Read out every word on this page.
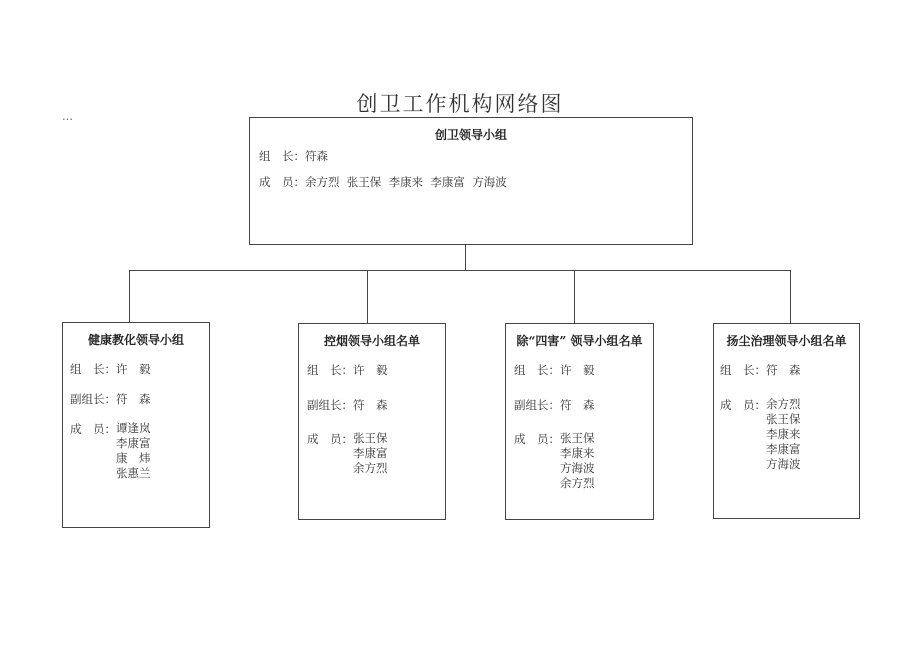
创卫工作机构网络图
…
创卫领导小组
组　长：符森
成　员：余方烈  张王保  李康来  李康富  方海波
健康教化领导小组
组　长：许　毅
副组长：符　森
成　员： 谭逢岚
李康富
康　炜
张惠兰
控烟领导小组名单
组　长：许　毅
副组长：符　森
成　员： 张王保
李康富
余方烈
除“四害” 领导小组名单
组　长：许　毅
副组长：符　森
成　员： 张王保
李康来
方海波
余方烈
扬尘治理领导小组名单
组　长：符　森
成　员： 余方烈
张王保
李康来
李康富
方海波
